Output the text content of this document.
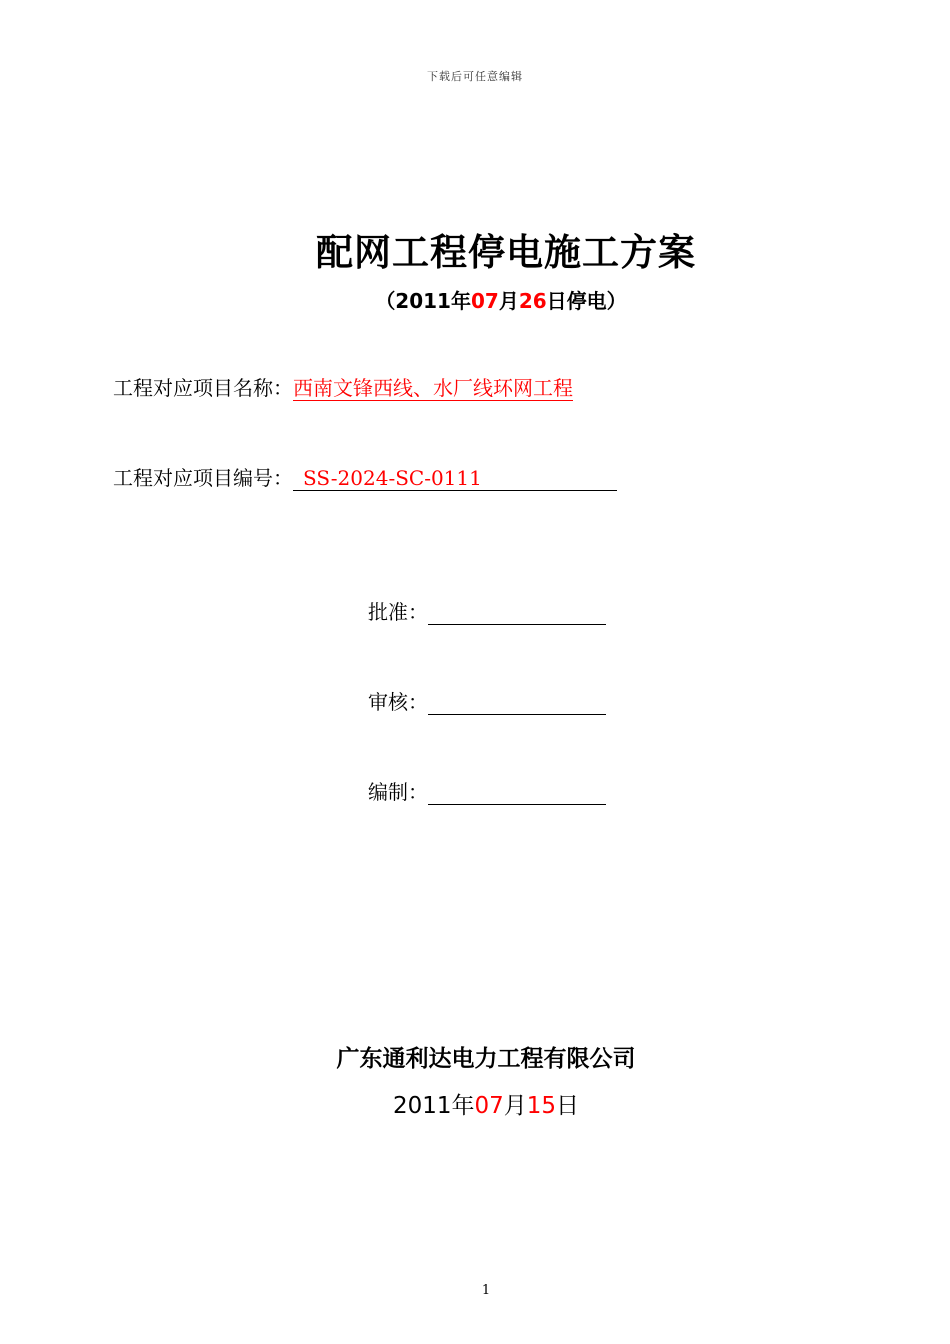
下载后可任意编辑
配网工程停电施工方案
（2011年07月26日停电）
工程对应项目名称：西南文锋西线、水厂线环网工程
工程对应项目编号： SS-2024-SC-0111
批准：
审核：
编制：
广东通利达电力工程有限公司
2011年07月15日
1
